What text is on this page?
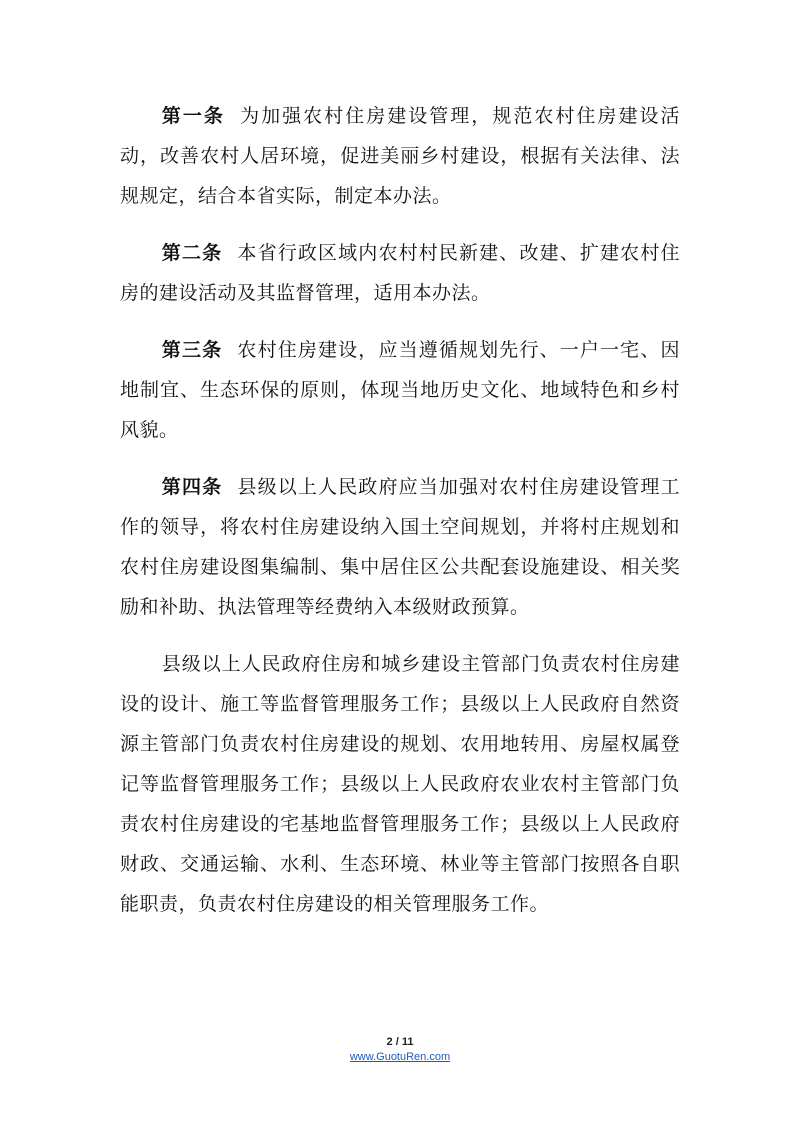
第一条 为加强农村住房建设管理，规范农村住房建设活动，改善农村人居环境，促进美丽乡村建设，根据有关法律、法规规定，结合本省实际，制定本办法。

第二条 本省行政区域内农村村民新建、改建、扩建农村住房的建设活动及其监督管理，适用本办法。

第三条 农村住房建设，应当遵循规划先行、一户一宅、因地制宜、生态环保的原则，体现当地历史文化、地域特色和乡村风貌。

第四条 县级以上人民政府应当加强对农村住房建设管理工作的领导，将农村住房建设纳入国土空间规划，并将村庄规划和农村住房建设图集编制、集中居住区公共配套设施建设、相关奖励和补助、执法管理等经费纳入本级财政预算。

县级以上人民政府住房和城乡建设主管部门负责农村住房建设的设计、施工等监督管理服务工作；县级以上人民政府自然资源主管部门负责农村住房建设的规划、农用地转用、房屋权属登记等监督管理服务工作；县级以上人民政府农业农村主管部门负责农村住房建设的宅基地监督管理服务工作；县级以上人民政府财政、交通运输、水利、生态环境、林业等主管部门按照各自职能职责，负责农村住房建设的相关管理服务工作。

2 / 11
www.GuotuRen.com
